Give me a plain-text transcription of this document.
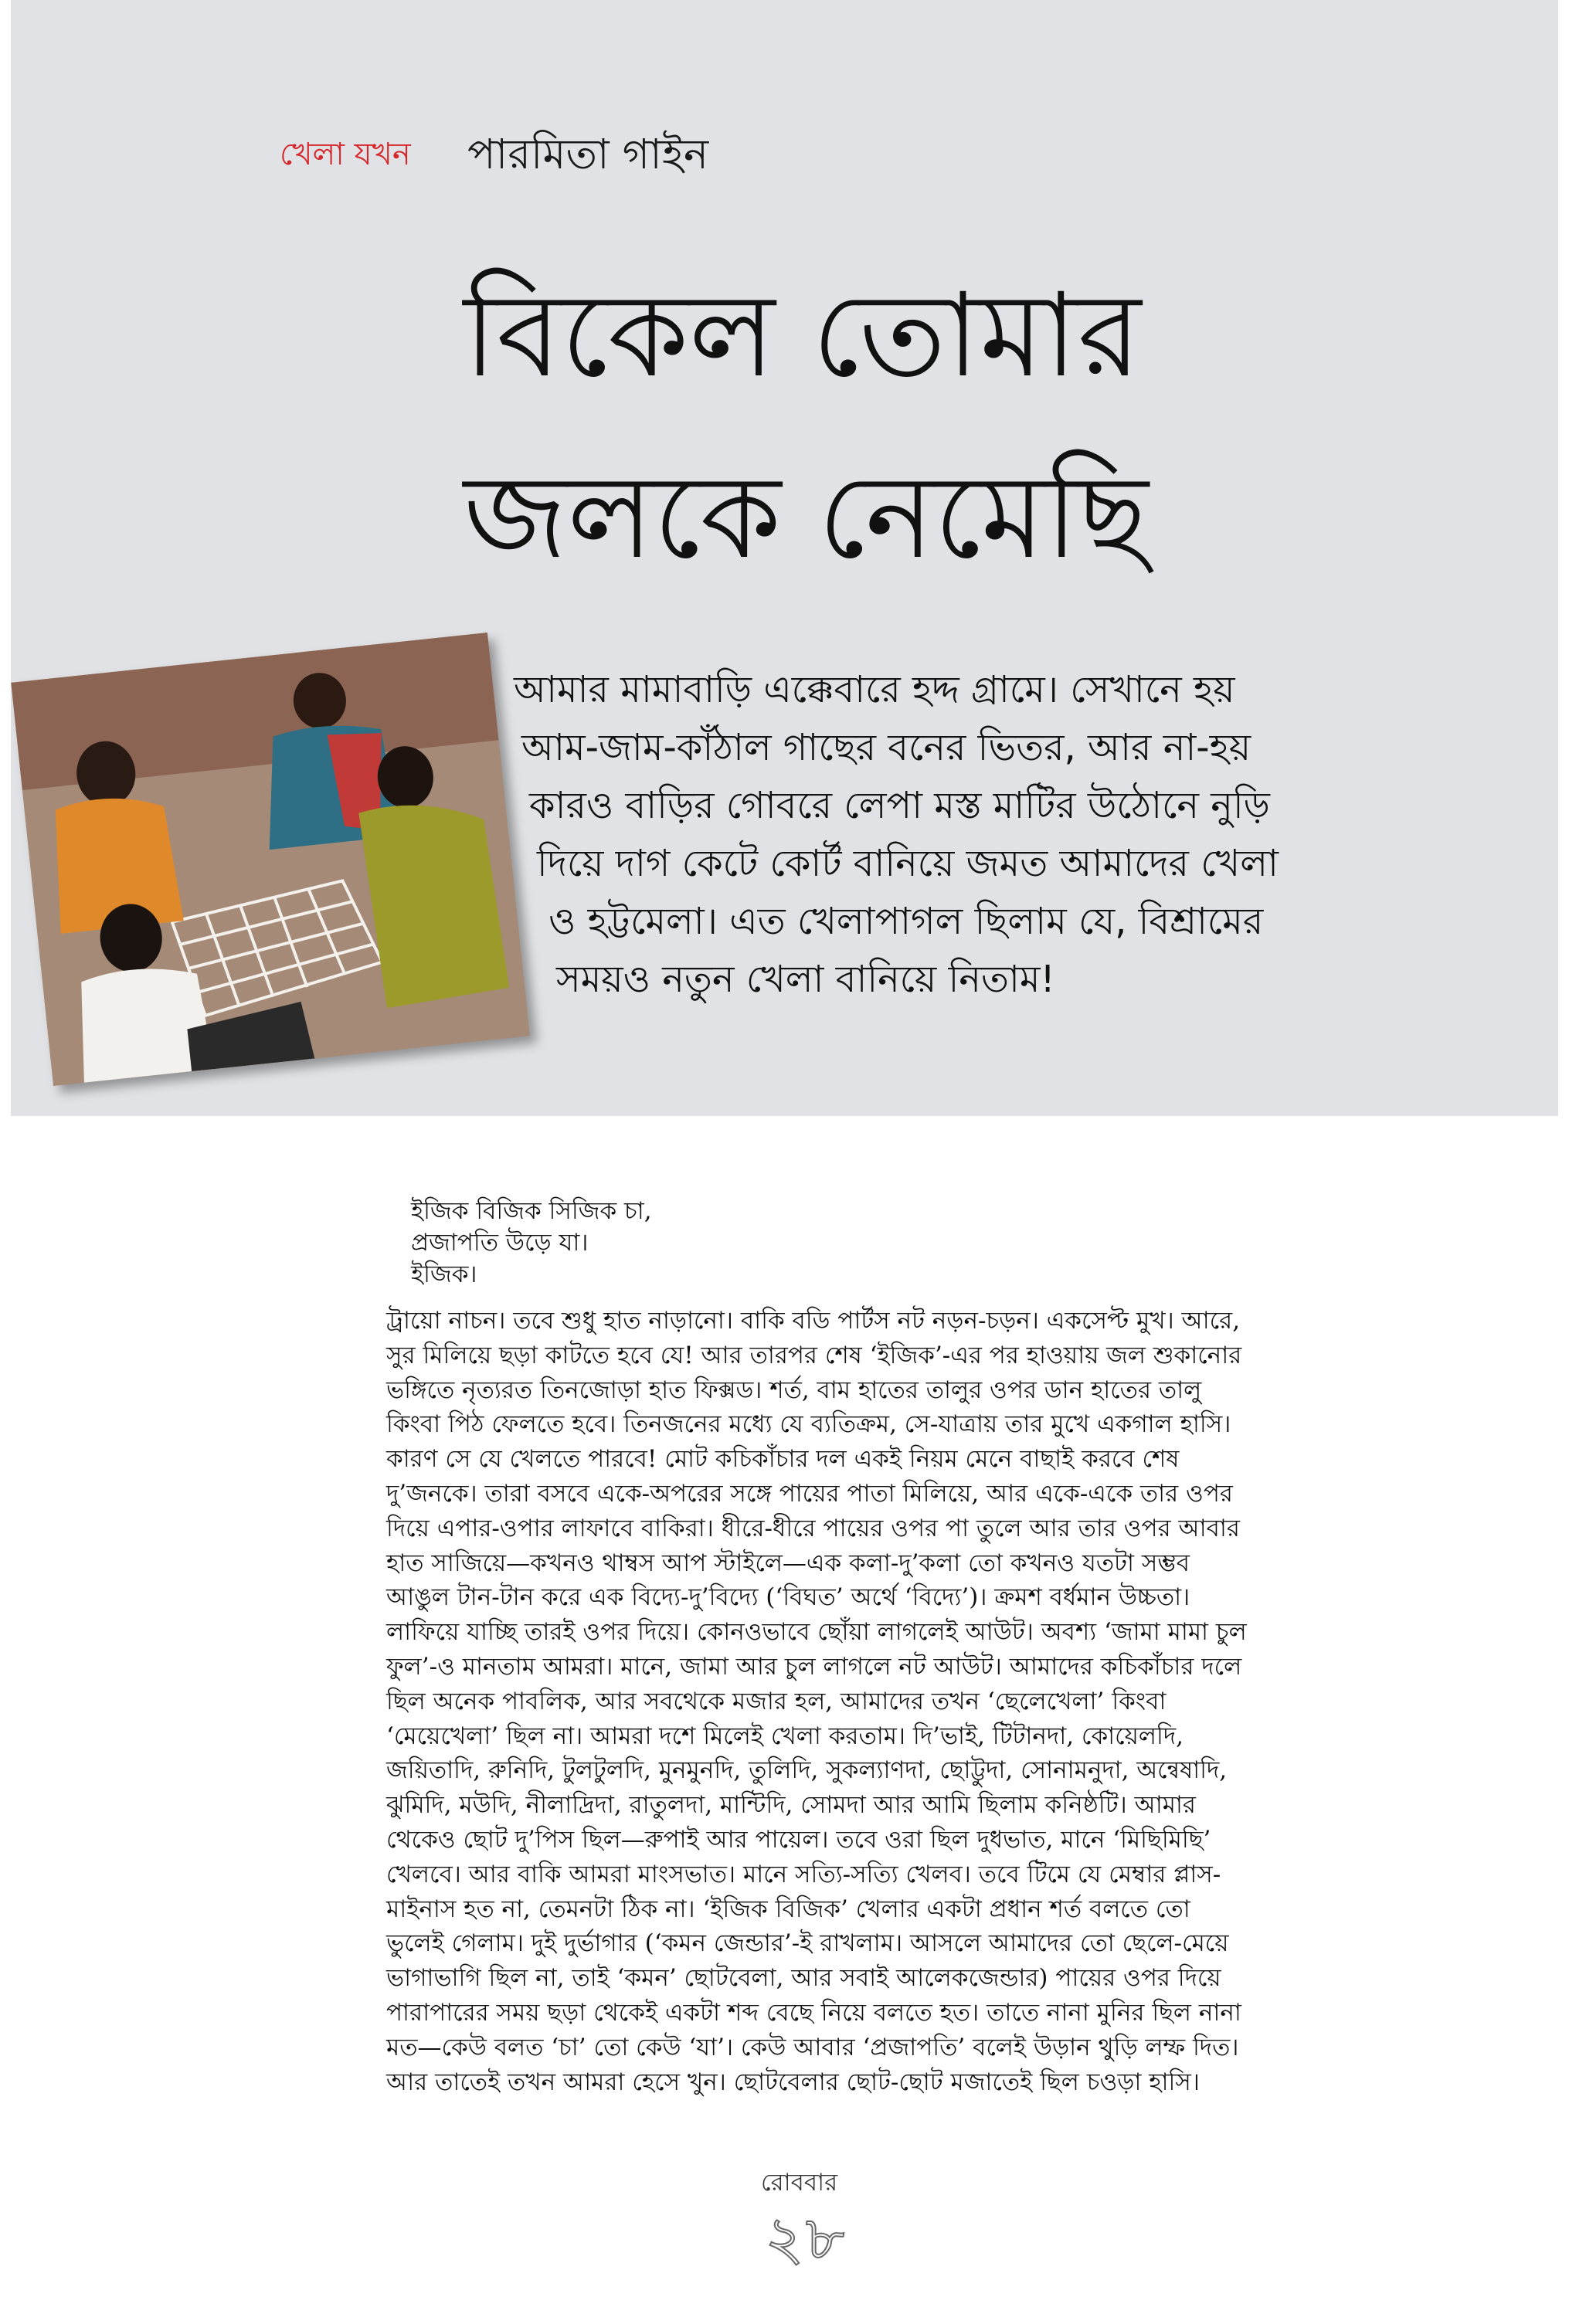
খেলা যখন পারমিতা গাইন
বিকেল তোমার
জলকে নেমেছি
আমার মামাবাড়ি এক্কেবারে হদ্দ গ্রামে। সেখানে হয়
আম-জাম-কাঁঠাল গাছের বনের ভিতর, আর না-হয়
কারও বাড়ির গোবরে লেপা মস্ত মাটির উঠোনে নুড়ি
দিয়ে দাগ কেটে কোর্ট বানিয়ে জমত আমাদের খেলা
ও হট্টমেলা। এত খেলাপাগল ছিলাম যে, বিশ্রামের
সময়ও নতুন খেলা বানিয়ে নিতাম!
ইজিক বিজিক সিজিক চা,
প্রজাপতি উড়ে যা।
ইজিক।
ট্রায়ো নাচন। তবে শুধু হাত নাড়ানো। বাকি বডি পার্টস নট নড়ন-চড়ন। একসেপ্ট মুখ। আরে,
সুর মিলিয়ে ছড়া কাটতে হবে যে! আর তারপর শেষ ‘ইজিক’-এর পর হাওয়ায় জল শুকানোর
ভঙ্গিতে নৃত্যরত তিনজোড়া হাত ফিক্সড। শর্ত, বাম হাতের তালুর ওপর ডান হাতের তালু
কিংবা পিঠ ফেলতে হবে। তিনজনের মধ্যে যে ব্যতিক্রম, সে-যাত্রায় তার মুখে একগাল হাসি।
কারণ সে যে খেলতে পারবে! মোট কচিকাঁচার দল একই নিয়ম মেনে বাছাই করবে শেষ
দু’জনকে। তারা বসবে একে-অপরের সঙ্গে পায়ের পাতা মিলিয়ে, আর একে-একে তার ওপর
দিয়ে এপার-ওপার লাফাবে বাকিরা। ধীরে-ধীরে পায়ের ওপর পা তুলে আর তার ওপর আবার
হাত সাজিয়ে—কখনও থাম্বস আপ স্টাইলে—এক কলা-দু’কলা তো কখনও যতটা সম্ভব
আঙুল টান-টান করে এক বিদ্যে-দু’বিদ্যে (‘বিঘত’ অর্থে ‘বিদ্যে’)। ক্রমশ বর্ধমান উচ্চতা।
লাফিয়ে যাচ্ছি তারই ওপর দিয়ে। কোনওভাবে ছোঁয়া লাগলেই আউট। অবশ্য ‘জামা মামা চুল
ফুল’-ও মানতাম আমরা। মানে, জামা আর চুল লাগলে নট আউট। আমাদের কচিকাঁচার দলে
ছিল অনেক পাবলিক, আর সবথেকে মজার হল, আমাদের তখন ‘ছেলেখেলা’ কিংবা
‘মেয়েখেলা’ ছিল না। আমরা দশে মিলেই খেলা করতাম। দি’ভাই, টিটানদা, কোয়েলদি,
জয়িতাদি, রুনিদি, টুলটুলদি, মুনমুনদি, তুলিদি, সুকল্যাণদা, ছোট্টুদা, সোনামনুদা, অন্বেষাদি,
ঝুমিদি, মউদি, নীলাদ্রিদা, রাতুলদা, মান্টিদি, সোমদা আর আমি ছিলাম কনিষ্ঠটি। আমার
থেকেও ছোট দু’পিস ছিল—রুপাই আর পায়েল। তবে ওরা ছিল দুধভাত, মানে ‘মিছিমিছি’
খেলবে। আর বাকি আমরা মাংসভাত। মানে সত্যি-সত্যি খেলব। তবে টিমে যে মেম্বার প্লাস-
মাইনাস হত না, তেমনটা ঠিক না। ‘ইজিক বিজিক’ খেলার একটা প্রধান শর্ত বলতে তো
ভুলেই গেলাম। দুই দুর্ভাগার (‘কমন জেন্ডার’-ই রাখলাম। আসলে আমাদের তো ছেলে-মেয়ে
ভাগাভাগি ছিল না, তাই ‘কমন’ ছোটবেলা, আর সবাই আলেকজেন্ডার) পায়ের ওপর দিয়ে
পারাপারের সময় ছড়া থেকেই একটা শব্দ বেছে নিয়ে বলতে হত। তাতে নানা মুনির ছিল নানা
মত—কেউ বলত ‘চা’ তো কেউ ‘যা’। কেউ আবার ‘প্রজাপতি’ বলেই উড়ান থুড়ি লম্ফ দিত।
আর তাতেই তখন আমরা হেসে খুন। ছোটবেলার ছোট-ছোট মজাতেই ছিল চওড়া হাসি।
রোববার
২৮
